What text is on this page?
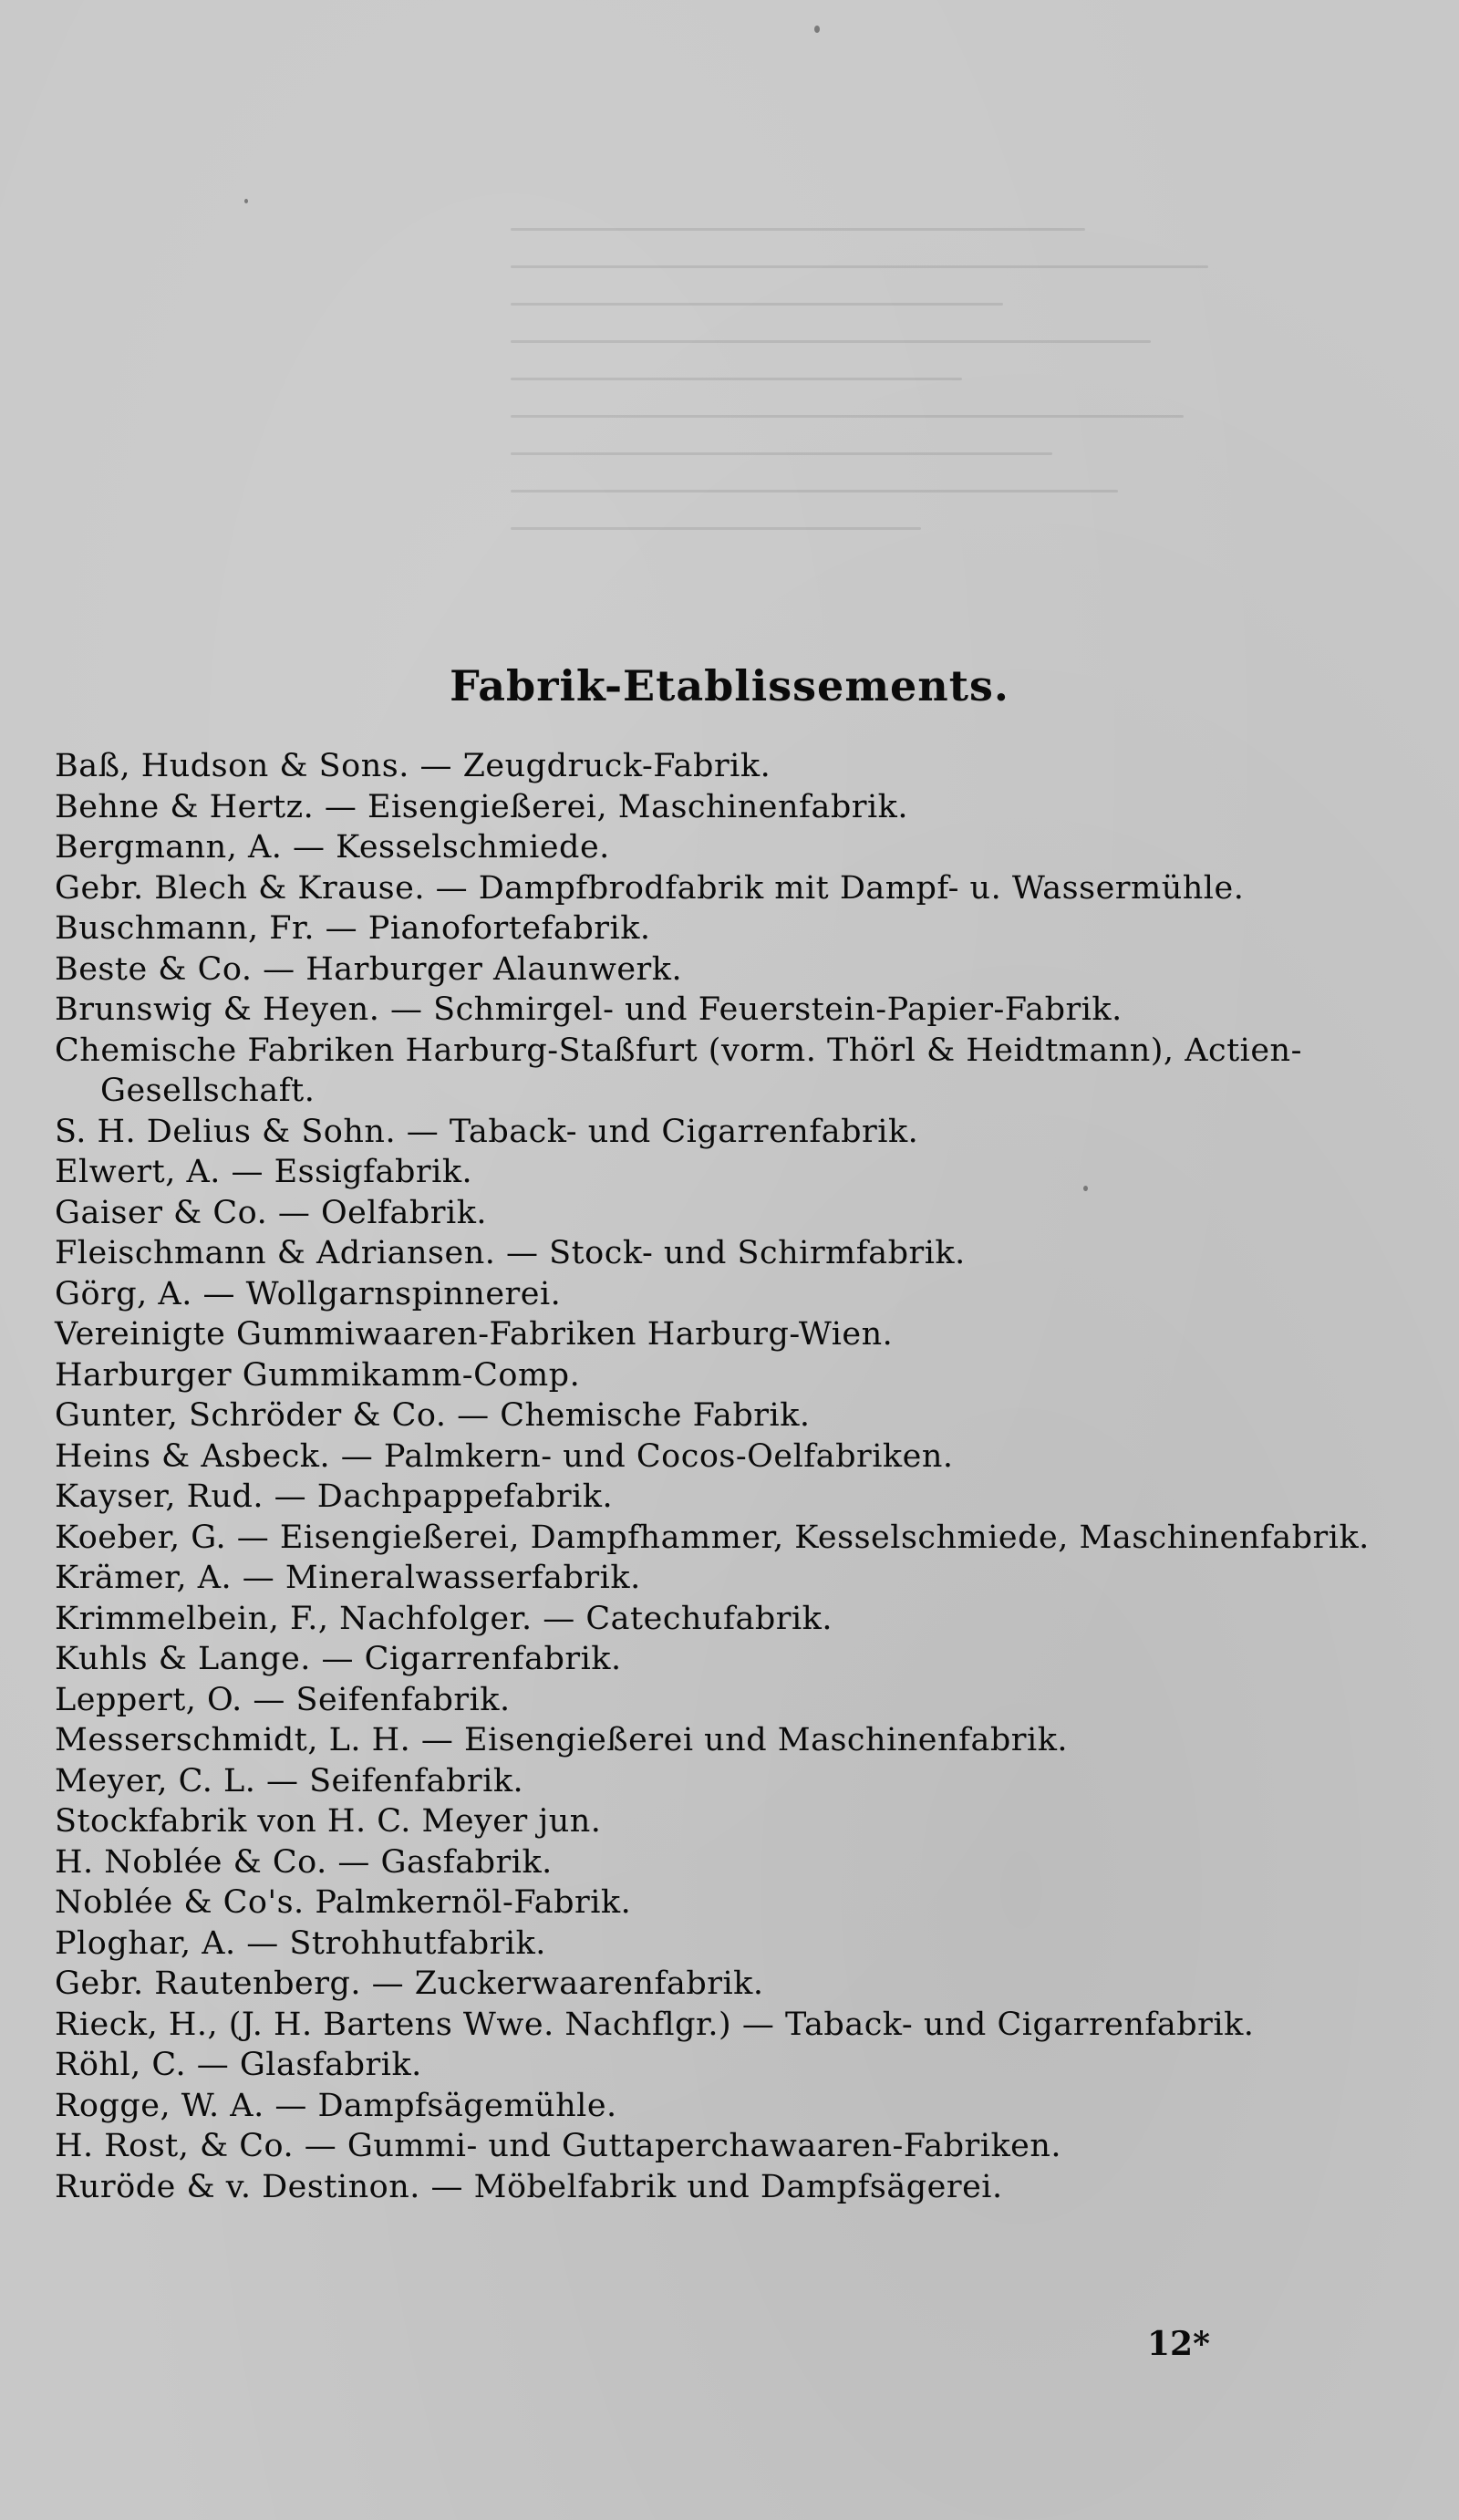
Fabrik-Etablissements.
Baß, Hudson & Sons. — Zeugdruck-Fabrik.
Behne & Hertz. — Eisengießerei, Maschinenfabrik.
Bergmann, A. — Kesselschmiede.
Gebr. Blech & Krause. — Dampfbrodfabrik mit Dampf- u. Wassermühle.
Buschmann, Fr. — Pianofortefabrik.
Beste & Co. — Harburger Alaunwerk.
Brunswig & Heyen. — Schmirgel- und Feuerstein-Papier-Fabrik.
Chemische Fabriken Harburg-Staßfurt (vorm. Thörl & Heidtmann), Actien-Gesellschaft.
S. H. Delius & Sohn. — Taback- und Cigarrenfabrik.
Elwert, A. — Essigfabrik.
Gaiser & Co. — Oelfabrik.
Fleischmann & Adriansen. — Stock- und Schirmfabrik.
Görg, A. — Wollgarnspinnerei.
Vereinigte Gummiwaaren-Fabriken Harburg-Wien.
Harburger Gummikamm-Comp.
Gunter, Schröder & Co. — Chemische Fabrik.
Heins & Asbeck. — Palmkern- und Cocos-Oelfabriken.
Kayser, Rud. — Dachpappefabrik.
Koeber, G. — Eisengießerei, Dampfhammer, Kesselschmiede, Maschinenfabrik.
Krämer, A. — Mineralwasserfabrik.
Krimmelbein, F., Nachfolger. — Catechufabrik.
Kuhls & Lange. — Cigarrenfabrik.
Leppert, O. — Seifenfabrik.
Messerschmidt, L. H. — Eisengießerei und Maschinenfabrik.
Meyer, C. L. — Seifenfabrik.
Stockfabrik von H. C. Meyer jun.
H. Noblée & Co. — Gasfabrik.
Noblée & Co's. Palmkernöl-Fabrik.
Ploghar, A. — Strohhutfabrik.
Gebr. Rautenberg. — Zuckerwaarenfabrik.
Rieck, H., (J. H. Bartens Wwe. Nachflgr.) — Taback- und Cigarrenfabrik.
Röhl, C. — Glasfabrik.
Rogge, W. A. — Dampfsägemühle.
H. Rost, & Co. — Gummi- und Guttaperchawaaren-Fabriken.
Ruröde & v. Destinon. — Möbelfabrik und Dampfsägerei.
12*
